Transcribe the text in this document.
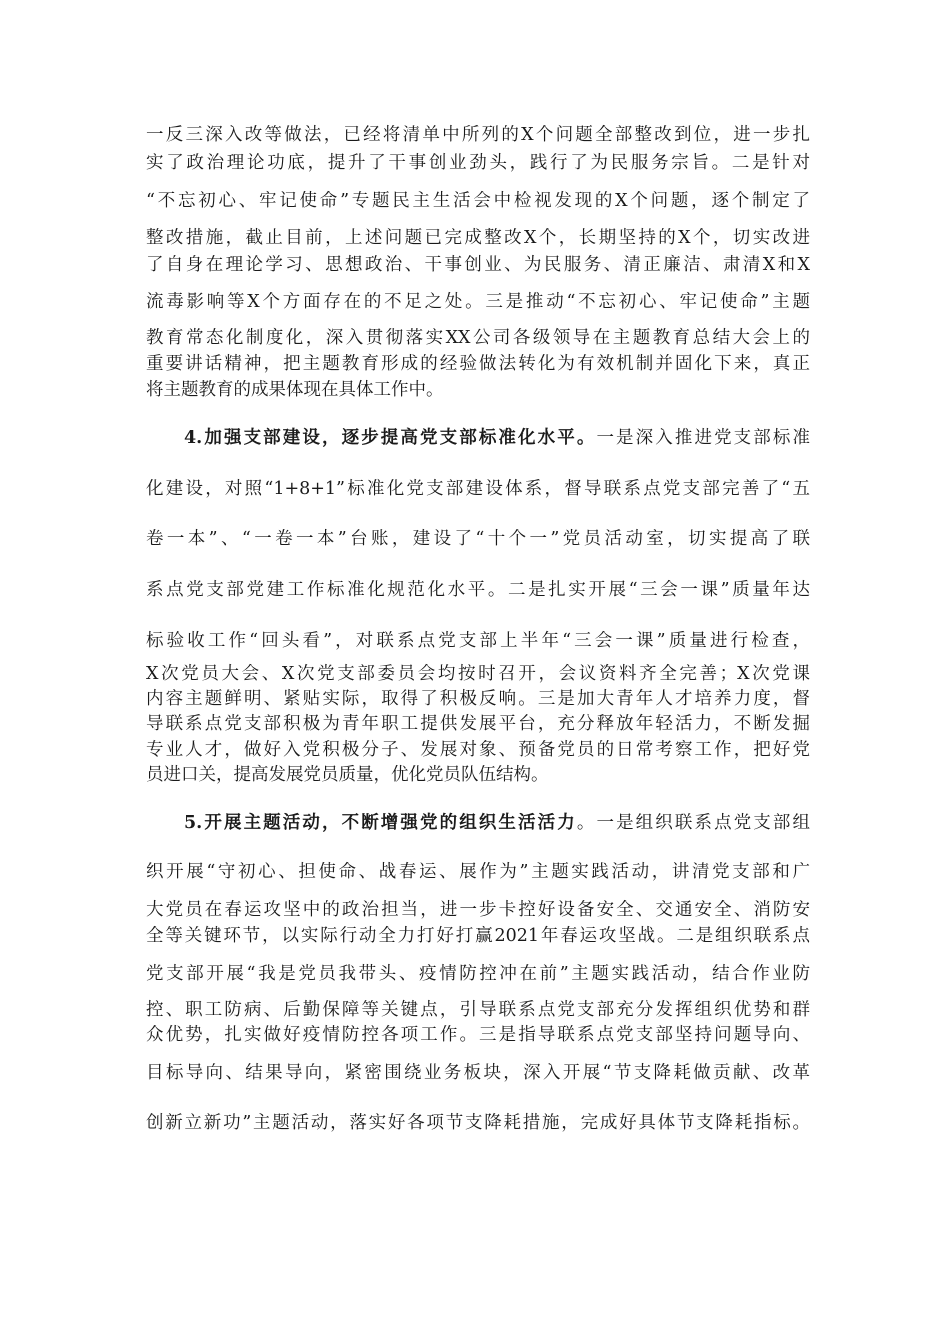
一反三深入改等做法，已经将清单中所列的X个问题全部整改到位，进一步扎
实了政治理论功底，提升了干事创业劲头，践行了为民服务宗旨。二是针对
“不忘初心、牢记使命”专题民主生活会中检视发现的X个问题，逐个制定了
整改措施，截止目前，上述问题已完成整改X个，长期坚持的X个，切实改进
了自身在理论学习、思想政治、干事创业、为民服务、清正廉洁、肃清X和X
流毒影响等X个方面存在的不足之处。三是推动“不忘初心、牢记使命”主题
教育常态化制度化，深入贯彻落实XX公司各级领导在主题教育总结大会上的
重要讲话精神，把主题教育形成的经验做法转化为有效机制并固化下来，真正
将主题教育的成果体现在具体工作中。
4.加强支部建设，逐步提高党支部标准化水平。一是深入推进党支部标准
化建设，对照“1+8+1”标准化党支部建设体系，督导联系点党支部完善了“五
卷一本”、“一卷一本”台账，建设了“十个一”党员活动室，切实提高了联
系点党支部党建工作标准化规范化水平。二是扎实开展“三会一课”质量年达
标验收工作“回头看”，对联系点党支部上半年“三会一课”质量进行检查，
X次党员大会、X次党支部委员会均按时召开，会议资料齐全完善；X次党课
内容主题鲜明、紧贴实际，取得了积极反响。三是加大青年人才培养力度，督
导联系点党支部积极为青年职工提供发展平台，充分释放年轻活力，不断发掘
专业人才，做好入党积极分子、发展对象、预备党员的日常考察工作，把好党
员进口关，提高发展党员质量，优化党员队伍结构。
5.开展主题活动，不断增强党的组织生活活力。一是组织联系点党支部组
织开展“守初心、担使命、战春运、展作为”主题实践活动，讲清党支部和广
大党员在春运攻坚中的政治担当，进一步卡控好设备安全、交通安全、消防安
全等关键环节，以实际行动全力打好打赢2021年春运攻坚战。二是组织联系点
党支部开展“我是党员我带头、疫情防控冲在前”主题实践活动，结合作业防
控、职工防病、后勤保障等关键点，引导联系点党支部充分发挥组织优势和群
众优势，扎实做好疫情防控各项工作。三是指导联系点党支部坚持问题导向、
目标导向、结果导向，紧密围绕业务板块，深入开展“节支降耗做贡献、改革
创新立新功”主题活动，落实好各项节支降耗措施，完成好具体节支降耗指标。
